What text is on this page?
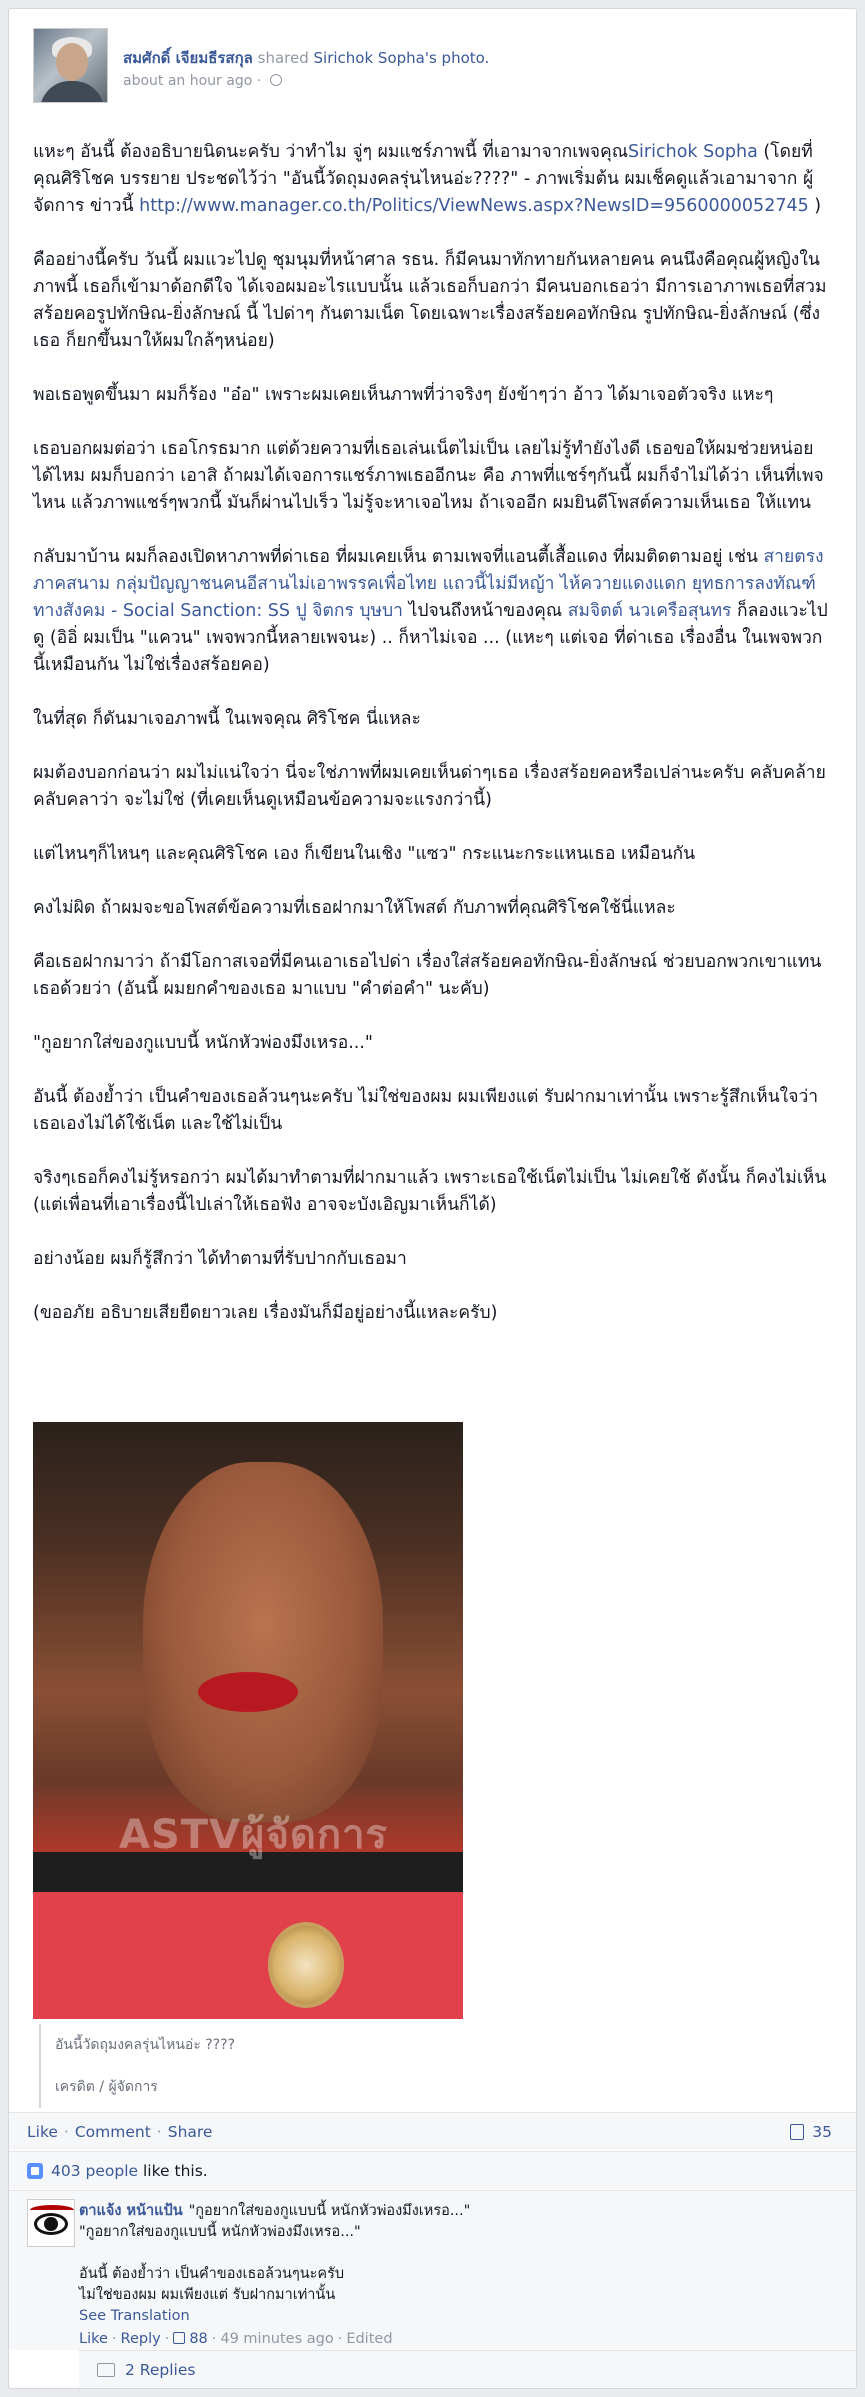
สมศักดิ์ เจียมธีรสกุล shared Sirichok Sopha's photo.
about an hour ago ·

แหะๆ อันนี้ ต้องอธิบายนิดนะครับ ว่าทำไม จู่ๆ ผมแชร์ภาพนี้ ที่เอามาจากเพจคุณSirichok Sopha (โดยที่คุณศิริโชค บรรยาย ประชดไว้ว่า "อันนี้วัดถุมงคลรุ่นไหนอ่ะ????" - ภาพเริ่มต้น ผมเช็คดูแล้วเอามาจาก ผู้จัดการ ข่าวนี้ http://www.manager.co.th/Politics/ViewNews.aspx?NewsID=9560000052745 )

คืออย่างนี้ครับ วันนี้ ผมแวะไปดู ชุมนุมที่หน้าศาล รธน. ก็มีคนมาทักทายกันหลายคน คนนึงคือคุณผู้หญิงในภาพนี้ เธอก็เข้ามาด้อกดีใจ ได้เจอผมอะไรแบบนั้น แล้วเธอก็บอกว่า มีคนบอกเธอว่า มีการเอาภาพเธอที่สวมสร้อยคอรูปทักษิณ-ยิ่งลักษณ์ นี้ ไปด่าๆ กันตามเน็ต โดยเฉพาะเรื่องสร้อยคอทักษิณ รูปทักษิณ-ยิ่งลักษณ์ (ซึ่งเธอ ก็ยกขึ้นมาให้ผมใกล้ๆหน่อย)

พอเธอพูดขึ้นมา ผมก็ร้อง "อ๋อ" เพราะผมเคยเห็นภาพที่ว่าจริงๆ ยังข้าๆว่า อ้าว ได้มาเจอตัวจริง แหะๆ

เธอบอกผมต่อว่า เธอโกรธมาก แต่ด้วยความที่เธอเล่นเน็ตไม่เป็น เลยไม่รู้ทำยังไงดี เธอขอให้ผมช่วยหน่อยได้ไหม ผมก็บอกว่า เอาสิ ถ้าผมได้เจอการแชร์ภาพเธออีกนะ คือ ภาพที่แชร์ๆกันนี้ ผมก็จำไม่ได้ว่า เห็นที่เพจไหน แล้วภาพแชร์ๆพวกนี้ มันก็ผ่านไปเร็ว ไม่รู้จะหาเจอไหม ถ้าเจออีก ผมยินดีโพสต์ความเห็นเธอ ให้แทน

กลับมาบ้าน ผมก็ลองเปิดหาภาพที่ด่าเธอ ที่ผมเคยเห็น ตามเพจที่แอนตี้เสื้อแดง ที่ผมติดตามอยู่ เช่น สายตรงภาคสนาม กลุ่มปัญญาชนคนอีสานไม่เอาพรรคเพื่อไทย แถวนี้ไม่มีหญ้า ไห้ควายแดงแดก ยุทธการลงทัณฑ์ทางสังคม - Social Sanction: SS ปู จิตกร บุษบา ไปจนถึงหน้าของคุณ สมจิตต์ นวเครือสุนทร ก็ลองแวะไปดู (อิอิ่ ผมเป็น "แควน" เพจพวกนี้หลายเพจนะ) .. ก็หาไม่เจอ ... (แหะๆ แต่เจอ ที่ด่าเธอ เรื่องอื่น ในเพจพวกนี้เหมือนกัน ไม่ใช่เรื่องสร้อยคอ)

ในที่สุด ก็ดันมาเจอภาพนี้ ในเพจคุณ ศิริโชค นี่แหละ

ผมต้องบอกก่อนว่า ผมไม่แน่ใจว่า นี่จะใช่ภาพที่ผมเคยเห็นด่าๆเธอ เรื่องสร้อยคอหรือเปล่านะครับ คลับคล้ายคลับคลาว่า จะไม่ใช่ (ที่เคยเห็นดูเหมือนข้อความจะแรงกว่านี้)

แต่ไหนๆก็ไหนๆ และคุณศิริโชค เอง ก็เขียนในเชิง "แซว" กระแนะกระแหนเธอ เหมือนกัน

คงไม่ผิด ถ้าผมจะขอโพสต์ข้อความที่เธอฝากมาให้โพสต์ กับภาพที่คุณศิริโชคใช้นี่แหละ

คือเธอฝากมาว่า ถ้ามีโอกาสเจอที่มีคนเอาเธอไปด่า เรื่องใส่สร้อยคอทักษิณ-ยิ่งลักษณ์ ช่วยบอกพวกเขาแทนเธอด้วยว่า (อันนี้ ผมยกคำของเธอ มาแบบ "คำต่อคำ" นะคับ)

"กูอยากใส่ของกูแบบนี้ หนักหัวพ่องมึงเหรอ..."

อันนี้ ต้องย้ำว่า เป็นคำของเธอล้วนๆนะครับ ไม่ใช่ของผม ผมเพียงแต่ รับฝากมาเท่านั้น เพราะรู้สึกเห็นใจว่า เธอเองไม่ได้ใช้เน็ต และใช้ไม่เป็น

จริงๆเธอก็คงไม่รู้หรอกว่า ผมได้มาทำตามที่ฝากมาแล้ว เพราะเธอใช้เน็ตไม่เป็น ไม่เคยใช้ ดังนั้น ก็คงไม่เห็น (แต่เพื่อนที่เอาเรื่องนี้ไปเล่าให้เธอฟัง อาจจะบังเอิญมาเห็นก็ได้)

อย่างน้อย ผมก็รู้สึกว่า ได้ทำตามที่รับปากกับเธอมา

(ขออภัย อธิบายเสียยืดยาวเลย เรื่องมันก็มีอยู่อย่างนี้แหละครับ)

ASTVผู้จัดการ
อันนี้วัดถุมงคลรุ่นไหนอ่ะ ????
เครดิต / ผู้จัดการ
Like · Comment · Share	35
403 people like this.
ตาแจ้ง หน้าแป้น "กูอยากใส่ของกูแบบนี้ หนักหัวพ่องมึงเหรอ..."
"กูอยากใส่ของกูแบบนี้ หนักหัวพ่องมึงเหรอ..."
อันนี้ ต้องย้ำว่า เป็นคำของเธอล้วนๆนะครับ
ไม่ใช่ของผม ผมเพียงแต่ รับฝากมาเท่านั้น
See Translation
Like · Reply · 88 · 49 minutes ago · Edited
2 Replies
